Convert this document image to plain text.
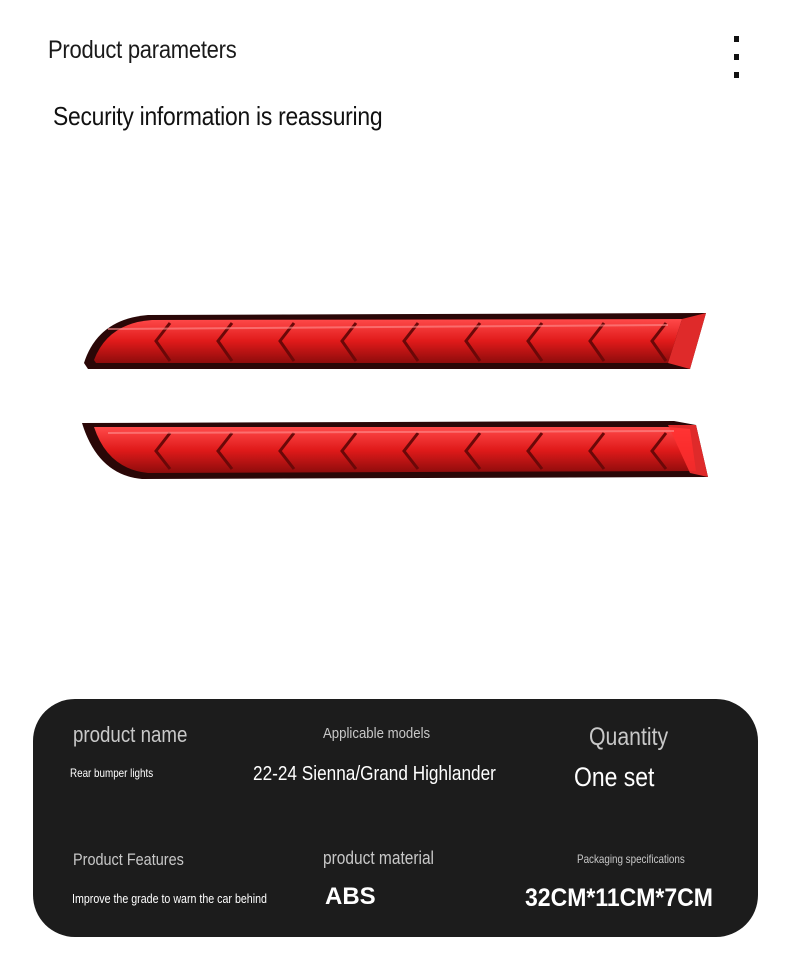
Product parameters
Security information is reassuring
product name
Rear bumper lights
Applicable models
22-24 Sienna/Grand Highlander
Quantity
One set
Product Features
Improve the grade to warn the car behind
product material
ABS
Packaging specifications
32CM*11CM*7CM
